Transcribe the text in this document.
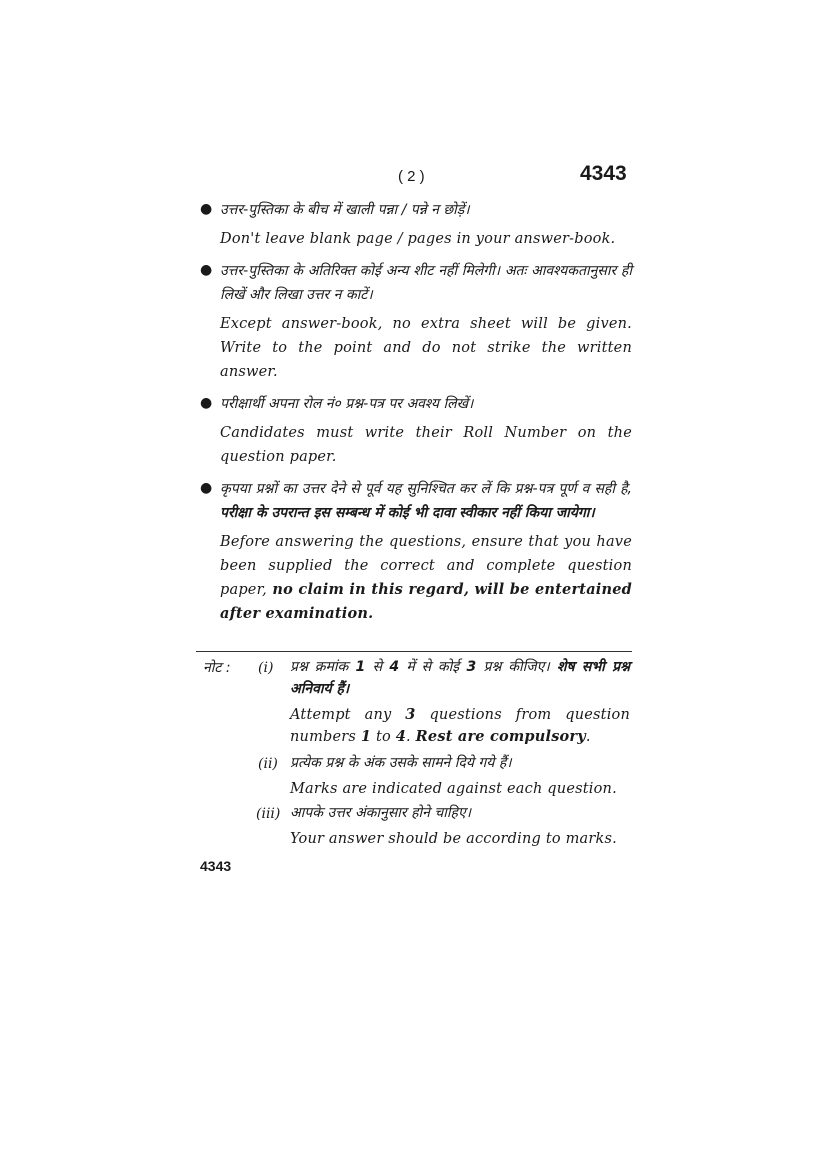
( 2 )	4343
● उत्तर-पुस्तिका के बीच में खाली पन्ना / पन्ने न छोड़ें।

Don't leave blank page / pages in your answer-book.

● उत्तर-पुस्तिका के अतिरिक्त कोई अन्य शीट नहीं मिलेगी। अतः आवश्यकतानुसार ही लिखें और लिखा उत्तर न काटें।

Except answer-book, no extra sheet will be given. Write to the point and do not strike the written answer.

● परीक्षार्थी अपना रोल नं० प्रश्न-पत्र पर अवश्य लिखें।

Candidates must write their Roll Number on the question paper.

● कृपया प्रश्नों का उत्तर देने से पूर्व यह सुनिश्चित कर लें कि प्रश्न-पत्र पूर्ण व सही है, परीक्षा के उपरान्त इस सम्बन्ध में कोई भी दावा स्वीकार नहीं किया जायेगा।

Before answering the questions, ensure that you have been supplied the correct and complete question paper, no claim in this regard, will be entertained after examination.

नोट : (i) प्रश्न क्रमांक 1 से 4 में से कोई 3 प्रश्न कीजिए। शेष सभी प्रश्न अनिवार्य हैं।

Attempt any 3 questions from question numbers 1 to 4. Rest are compulsory.

(ii) प्रत्येक प्रश्न के अंक उसके सामने दिये गये हैं।

Marks are indicated against each question.

(iii) आपके उत्तर अंकानुसार होने चाहिए।

Your answer should be according to marks.

4343
